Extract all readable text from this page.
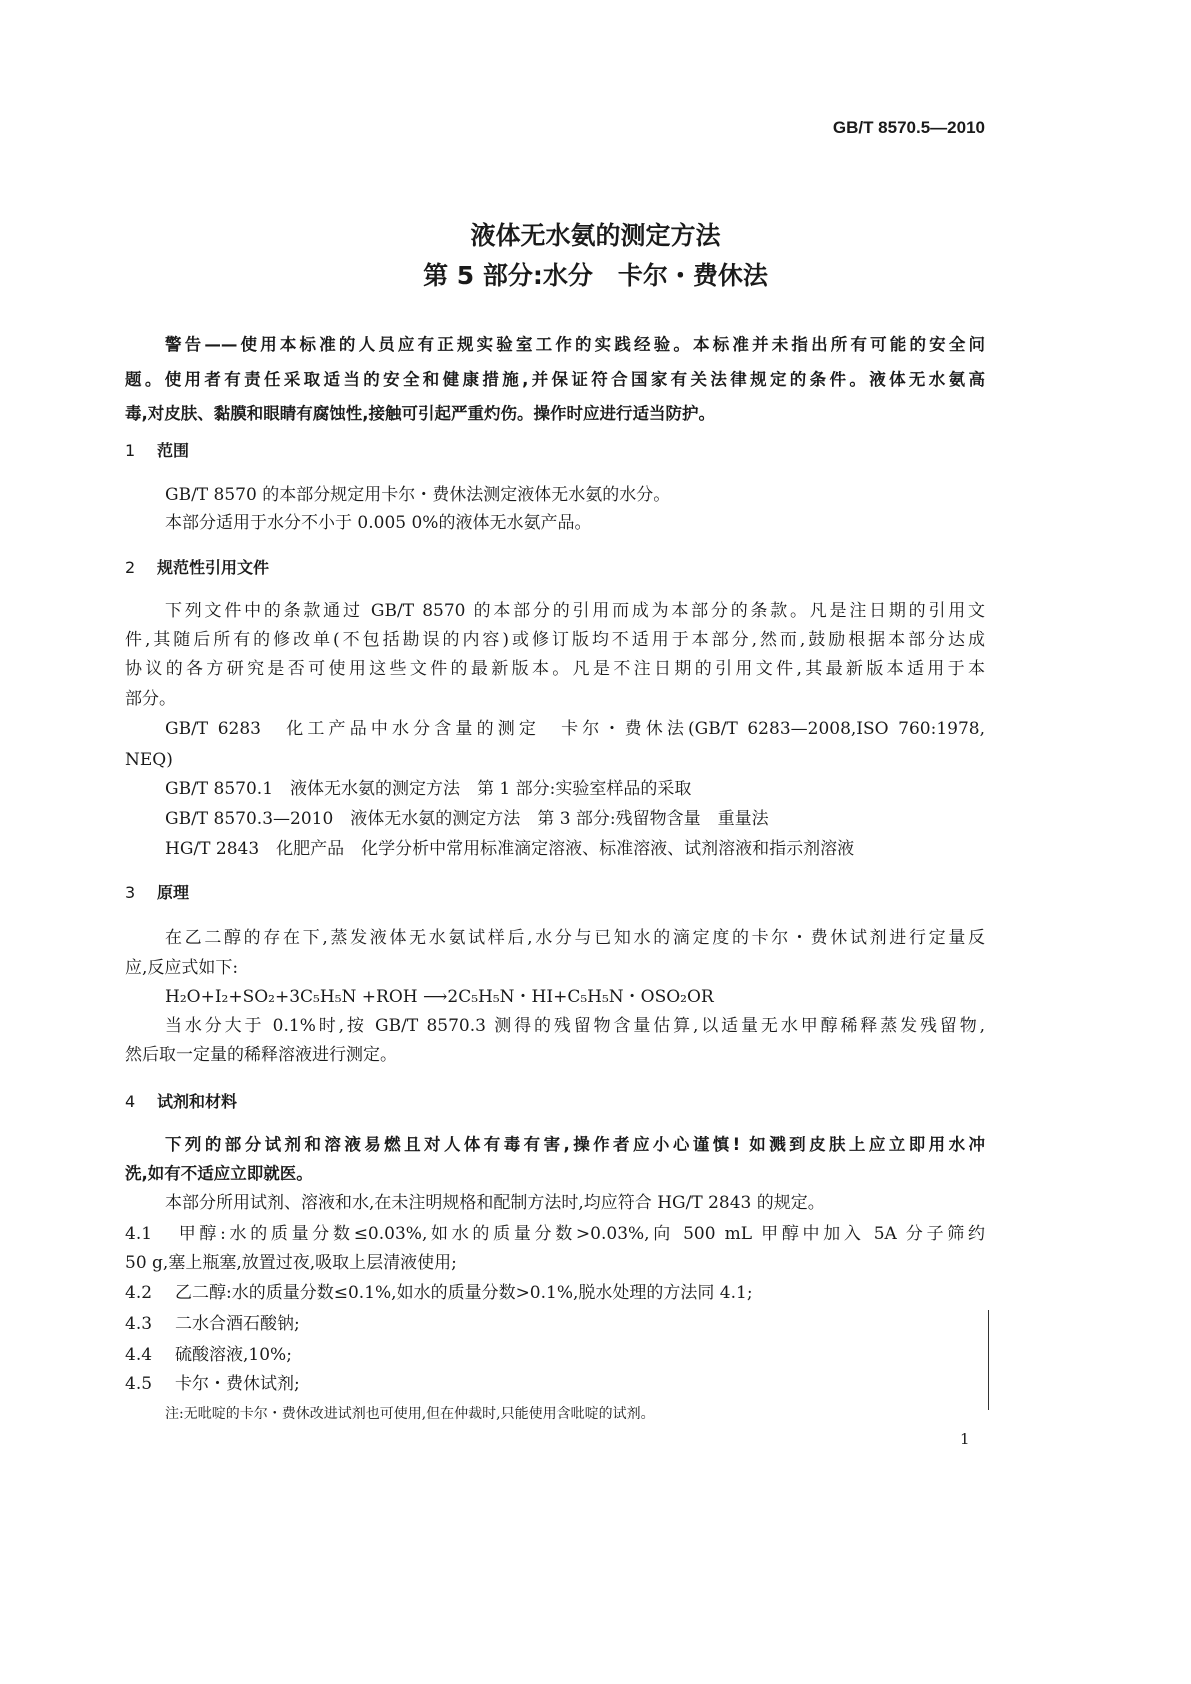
GB/T 8570.5—2010
液体无水氨的测定方法
第 5 部分:水分　卡尔・费休法
警告——使用本标准的人员应有正规实验室工作的实践经验。本标准并未指出所有可能的安全问
题。使用者有责任采取适当的安全和健康措施,并保证符合国家有关法律规定的条件。液体无水氨高
毒,对皮肤、黏膜和眼睛有腐蚀性,接触可引起严重灼伤。操作时应进行适当防护。
1 范围
GB/T 8570 的本部分规定用卡尔・费休法测定液体无水氨的水分。
本部分适用于水分不小于 0.005 0%的液体无水氨产品。
2 规范性引用文件
下列文件中的条款通过 GB/T 8570 的本部分的引用而成为本部分的条款。凡是注日期的引用文
件,其随后所有的修改单(不包括勘误的内容)或修订版均不适用于本部分,然而,鼓励根据本部分达成
协议的各方研究是否可使用这些文件的最新版本。凡是不注日期的引用文件,其最新版本适用于本
部分。
GB/T 6283　化工产品中水分含量的测定　卡尔・费休法(GB/T 6283—2008,ISO 760:1978,
NEQ)
GB/T 8570.1　液体无水氨的测定方法　第 1 部分:实验室样品的采取
GB/T 8570.3—2010　液体无水氨的测定方法　第 3 部分:残留物含量　重量法
HG/T 2843　化肥产品　化学分析中常用标准滴定溶液、标准溶液、试剂溶液和指示剂溶液
3 原理
在乙二醇的存在下,蒸发液体无水氨试样后,水分与已知水的滴定度的卡尔・费休试剂进行定量反
应,反应式如下:
H₂O+I₂+SO₂+3C₅H₅N +ROH ⟶2C₅H₅N・HI+C₅H₅N・OSO₂OR
当水分大于 0.1%时,按 GB/T 8570.3 测得的残留物含量估算,以适量无水甲醇稀释蒸发残留物,
然后取一定量的稀释溶液进行测定。
4 试剂和材料
下列的部分试剂和溶液易燃且对人体有毒有害,操作者应小心谨慎! 如溅到皮肤上应立即用水冲
洗,如有不适应立即就医。
本部分所用试剂、溶液和水,在未注明规格和配制方法时,均应符合 HG/T 2843 的规定。
4.1 甲醇:水的质量分数≤0.03%,如水的质量分数>0.03%,向 500 mL 甲醇中加入 5A 分子筛约
50 g,塞上瓶塞,放置过夜,吸取上层清液使用;
4.2 乙二醇:水的质量分数≤0.1%,如水的质量分数>0.1%,脱水处理的方法同 4.1;
4.3 二水合酒石酸钠;
4.4 硫酸溶液,10%;
4.5 卡尔・费休试剂;
注:无吡啶的卡尔・费休改进试剂也可使用,但在仲裁时,只能使用含吡啶的试剂。
1
